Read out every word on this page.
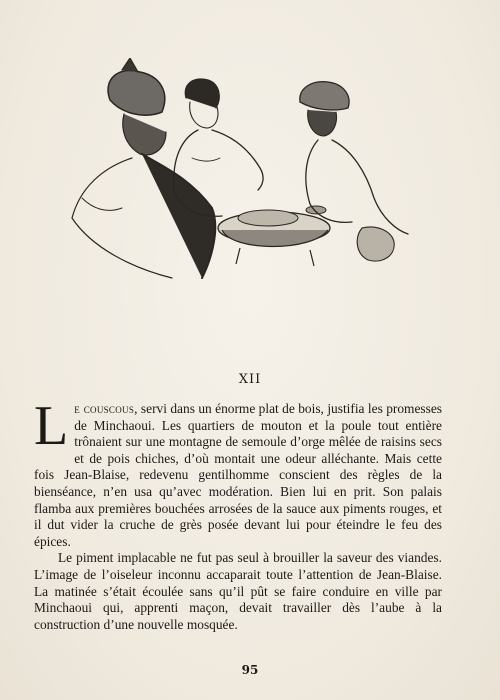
XII

Le couscous, servi dans un énorme plat de bois, justifia les promesses de Minchaoui. Les quartiers de mouton et la poule tout entière trônaient sur une montagne de semoule d’orge mêlée de raisins secs et de pois chiches, d’où montait une odeur alléchante. Mais cette fois Jean-Blaise, redevenu gentilhomme conscient des règles de la bienséance, n’en usa qu’avec modération. Bien lui en prit. Son palais flamba aux premières bouchées arrosées de la sauce aux piments rouges, et il dut vider la cruche de grès posée devant lui pour éteindre le feu des épices.

Le piment implacable ne fut pas seul à brouiller la saveur des viandes. L’image de l’oiseleur inconnu accaparait toute l’attention de Jean-Blaise. La matinée s’était écoulée sans qu’il pût se faire conduire en ville par Minchaoui qui, apprenti maçon, devait travailler dès l’aube à la construction d’une nouvelle mosquée.

95
